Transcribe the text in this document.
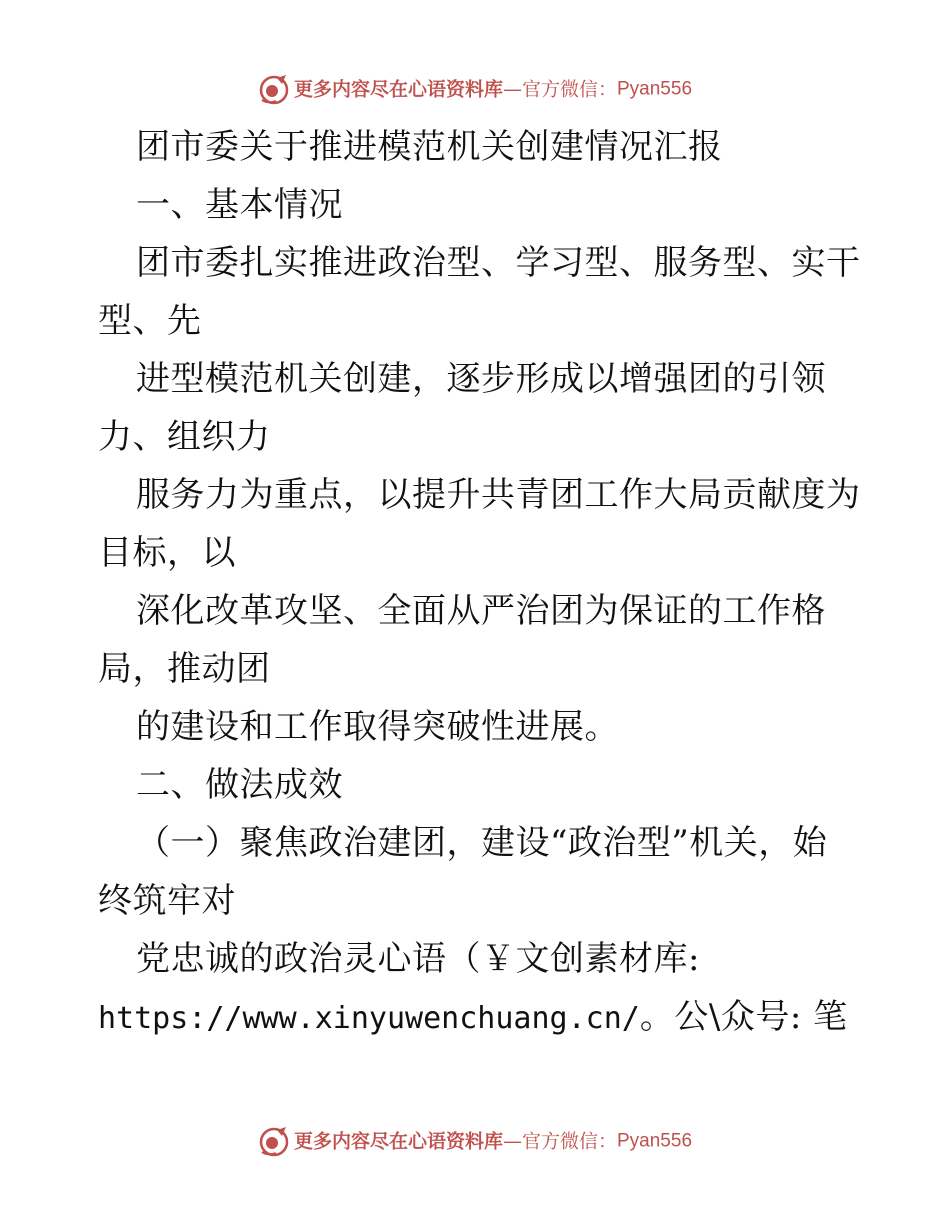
更多内容尽在心语资料库—官方微信：Pyan556
团市委关于推进模范机关创建情况汇报
一、基本情况
团市委扎实推进政治型、学习型、服务型、实干
型、先
进型模范机关创建，逐步形成以增强团的引领
力、组织力
服务力为重点，以提升共青团工作大局贡献度为
目标，以
深化改革攻坚、全面从严治团为保证的工作格
局，推动团
的建设和工作取得突破性进展。
二、做法成效
（一）聚焦政治建团，建设“政治型”机关，始
终筑牢对
党忠诚的政治灵心语（￥文创素材库:
https://www.xinyuwenchuang.cn/。公\众号: 笔
更多内容尽在心语资料库—官方微信：Pyan556
